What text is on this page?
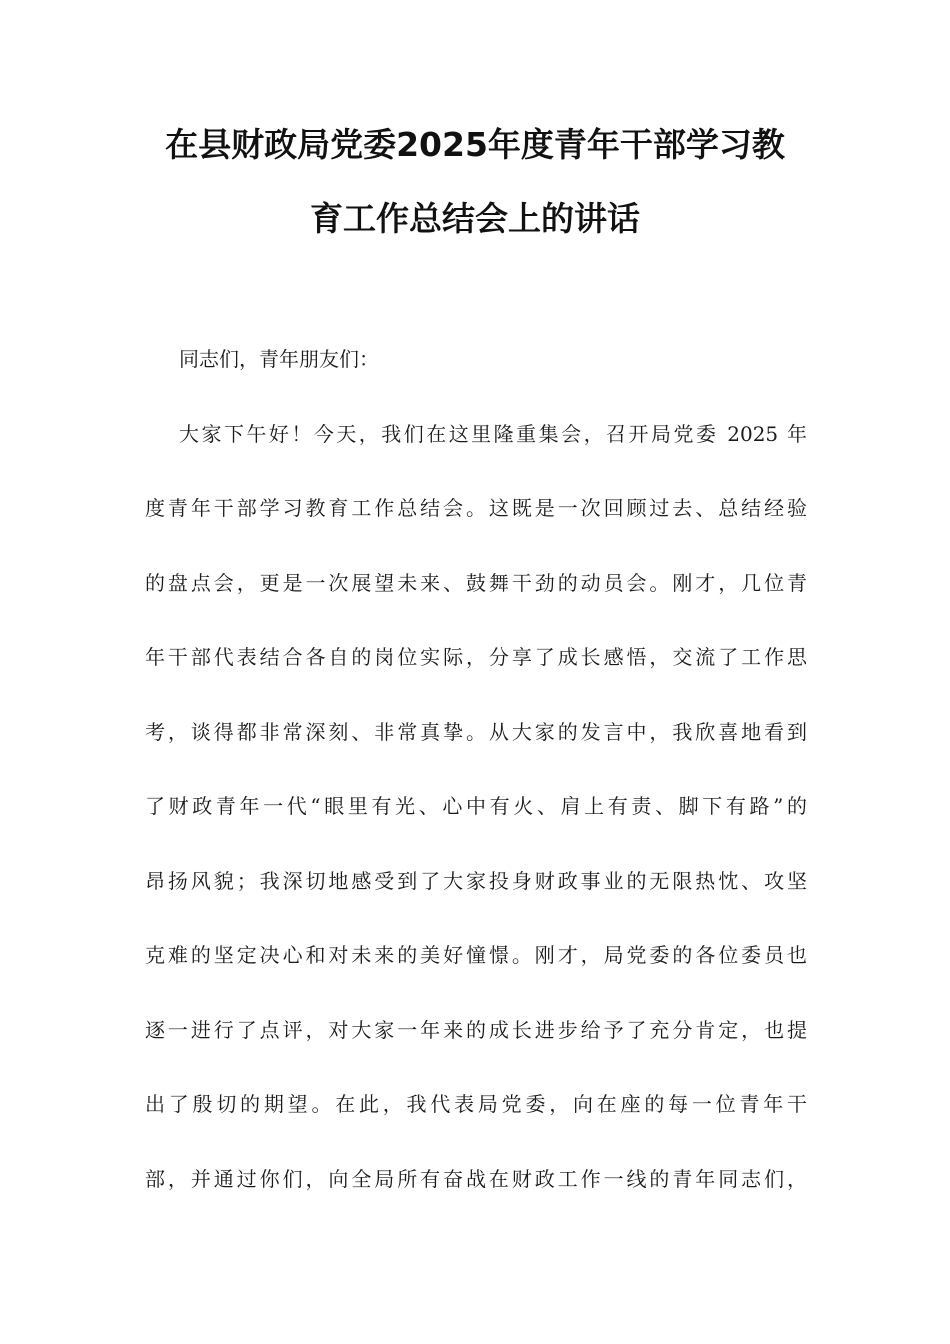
在县财政局党委2025年度青年干部学习教
育工作总结会上的讲话
同志们，青年朋友们：
大家下午好！今天，我们在这里隆重集会，召开局党委 2025 年
度青年干部学习教育工作总结会。这既是一次回顾过去、总结经验
的盘点会，更是一次展望未来、鼓舞干劲的动员会。刚才，几位青
年干部代表结合各自的岗位实际，分享了成长感悟，交流了工作思
考，谈得都非常深刻、非常真挚。从大家的发言中，我欣喜地看到
了财政青年一代“眼里有光、心中有火、肩上有责、脚下有路”的
昂扬风貌；我深切地感受到了大家投身财政事业的无限热忱、攻坚
克难的坚定决心和对未来的美好憧憬。刚才，局党委的各位委员也
逐一进行了点评，对大家一年来的成长进步给予了充分肯定，也提
出了殷切的期望。在此，我代表局党委，向在座的每一位青年干
部，并通过你们，向全局所有奋战在财政工作一线的青年同志们，
